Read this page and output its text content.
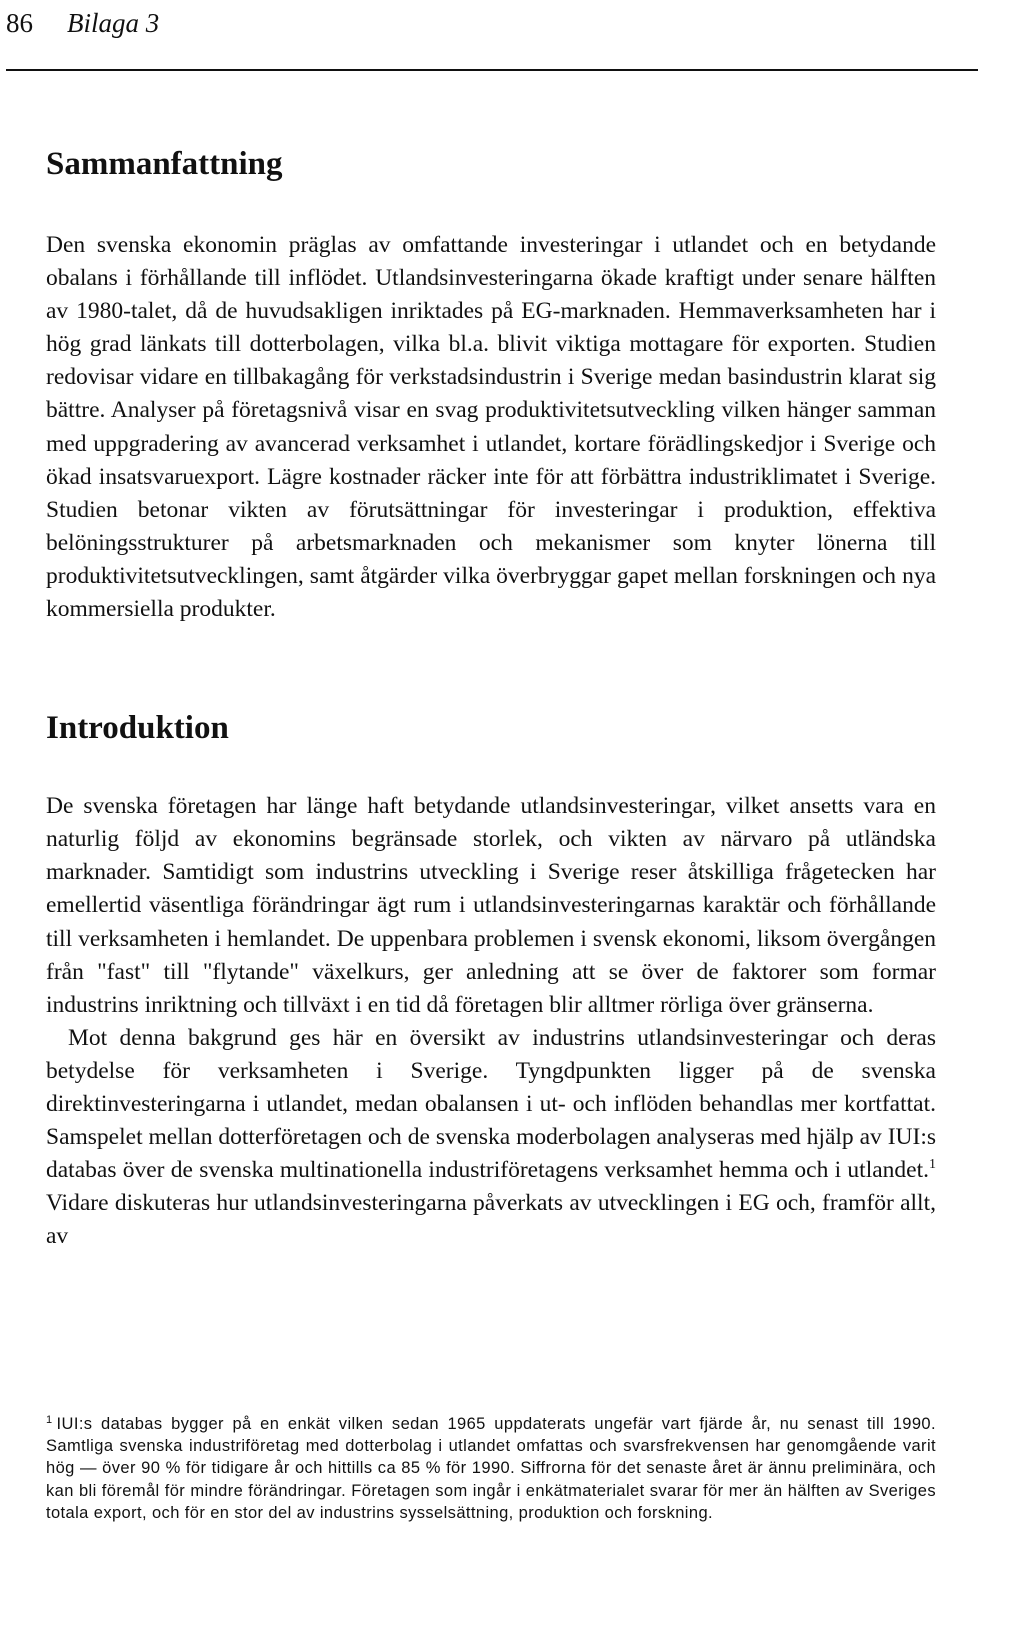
86 Bilaga 3
Sammanfattning

Den svenska ekonomin präglas av omfattande investeringar i utlandet och en betydande obalans i förhållande till inflödet. Utlandsinvesteringarna ökade kraftigt under senare hälften av 1980-talet, då de huvudsakligen inriktades på EG-marknaden. Hemmaverksamheten har i hög grad länkats till dotterbolagen, vilka bl.a. blivit viktiga mottagare för exporten. Studien redovisar vidare en tillbakagång för verkstadsindustrin i Sverige medan basindustrin klarat sig bättre. Analyser på företagsnivå visar en svag produktivitetsutveckling vilken hänger samman med uppgradering av avancerad verksamhet i utlandet, kortare förädlingskedjor i Sverige och ökad insatsvaruexport. Lägre kostnader räcker inte för att förbättra industriklimatet i Sverige. Studien betonar vikten av förutsättningar för investeringar i produktion, effektiva belöningsstrukturer på arbetsmarknaden och mekanismer som knyter lönerna till produktivitetsutvecklingen, samt åtgärder vilka överbryggar gapet mellan forskningen och nya kommersiella produkter.

Introduktion

De svenska företagen har länge haft betydande utlandsinvesteringar, vilket ansetts vara en naturlig följd av ekonomins begränsade storlek, och vikten av närvaro på utländska marknader. Samtidigt som industrins utveckling i Sverige reser åtskilliga frågetecken har emellertid väsentliga förändringar ägt rum i utlandsinvesteringarnas karaktär och förhållande till verksamheten i hemlandet. De uppenbara problemen i svensk ekonomi, liksom övergången från "fast" till "flytande" växelkurs, ger anledning att se över de faktorer som formar industrins inriktning och tillväxt i en tid då företagen blir alltmer rörliga över gränserna.

Mot denna bakgrund ges här en översikt av industrins utlandsinvesteringar och deras betydelse för verksamheten i Sverige. Tyngdpunkten ligger på de svenska direktinvesteringarna i utlandet, medan obalansen i ut- och inflöden behandlas mer kortfattat. Samspelet mellan dotterföretagen och de svenska moderbolagen analyseras med hjälp av IUI:s databas över de svenska multinationella industriföretagens verksamhet hemma och i utlandet.$^1$ Vidare diskuteras hur utlandsinvesteringarna påverkats av utvecklingen i EG och, framför allt, av

$^1$ IUI:s databas bygger på en enkät vilken sedan 1965 uppdaterats ungefär vart fjärde år, nu senast till 1990. Samtliga svenska industriföretag med dotterbolag i utlandet omfattas och svarsfrekvensen har genomgående varit hög — över 90 % för tidigare år och hittills ca 85 % för 1990. Siffrorna för det senaste året är ännu preliminära, och kan bli föremål för mindre förändringar. Företagen som ingår i enkätmaterialet svarar för mer än hälften av Sveriges totala export, och för en stor del av industrins sysselsättning, produktion och forskning.
